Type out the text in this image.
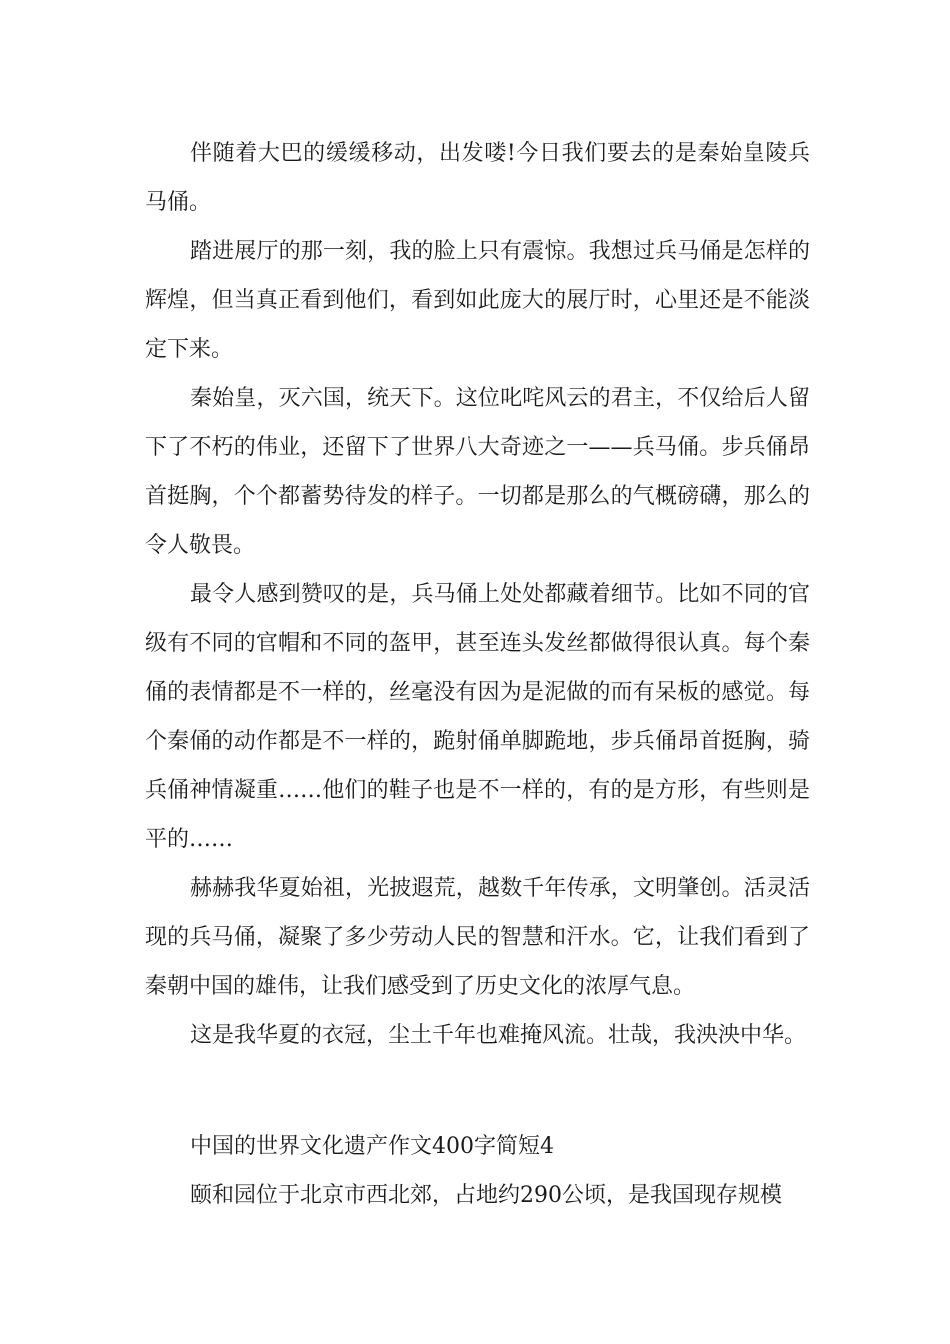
伴随着大巴的缓缓移动，出发喽!今日我们要去的是秦始皇陵兵马俑。

踏进展厅的那一刻，我的脸上只有震惊。我想过兵马俑是怎样的辉煌，但当真正看到他们，看到如此庞大的展厅时，心里还是不能淡定下来。

秦始皇，灭六国，统天下。这位叱咤风云的君主，不仅给后人留下了不朽的伟业，还留下了世界八大奇迹之一——兵马俑。步兵俑昂首挺胸，个个都蓄势待发的样子。一切都是那么的气概磅礴，那么的令人敬畏。

最令人感到赞叹的是，兵马俑上处处都藏着细节。比如不同的官级有不同的官帽和不同的盔甲，甚至连头发丝都做得很认真。每个秦俑的表情都是不一样的，丝毫没有因为是泥做的而有呆板的感觉。每个秦俑的动作都是不一样的，跪射俑单脚跪地，步兵俑昂首挺胸，骑兵俑神情凝重……他们的鞋子也是不一样的，有的是方形，有些则是平的……

赫赫我华夏始祖，光披遐荒，越数千年传承，文明肇创。活灵活现的兵马俑，凝聚了多少劳动人民的智慧和汗水。它，让我们看到了秦朝中国的雄伟，让我们感受到了历史文化的浓厚气息。

这是我华夏的衣冠，尘土千年也难掩风流。壮哉，我泱泱中华。

中国的世界文化遗产作文400字简短4

颐和园位于北京市西北郊，占地约290公顷，是我国现存规模
